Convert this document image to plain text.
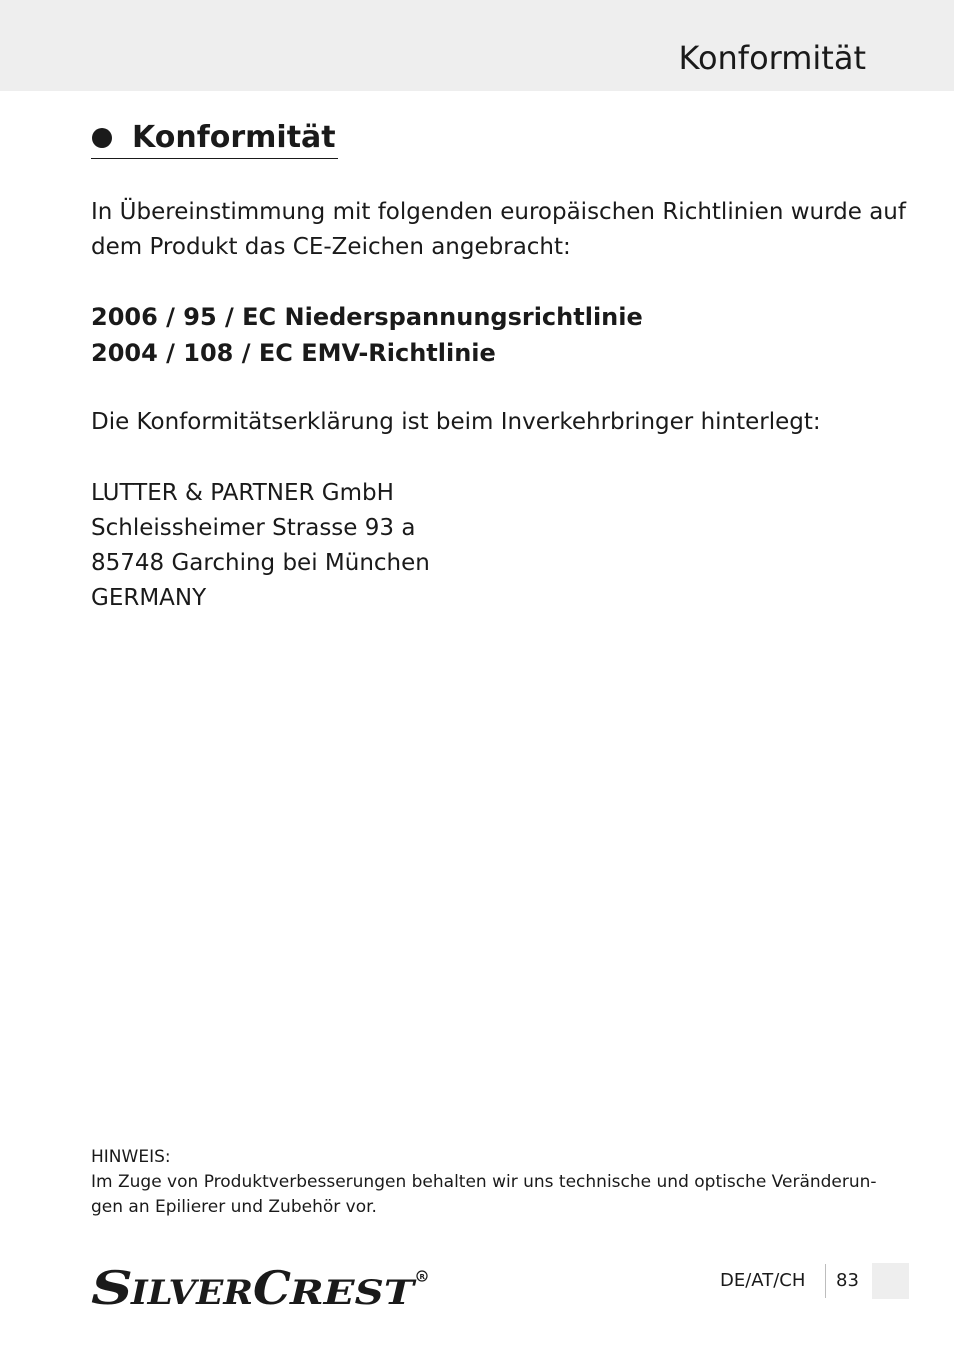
Konformität
Konformität
In Übereinstimmung mit folgenden europäischen Richtlinien wurde auf
dem Produkt das CE-Zeichen angebracht:
2006 / 95 / EC Niederspannungsrichtlinie
2004 / 108 / EC EMV-Richtlinie
Die Konformitätserklärung ist beim Inverkehrbringer hinterlegt:
LUTTER & PARTNER GmbH
Schleissheimer Strasse 93 a
85748 Garching bei München
GERMANY
HINWEIS:
Im Zuge von Produktverbesserungen behalten wir uns technische und optische Veränderun-
gen an Epilierer und Zubehör vor.
S
ILVER C
REST R	DE/AT/CH 83
